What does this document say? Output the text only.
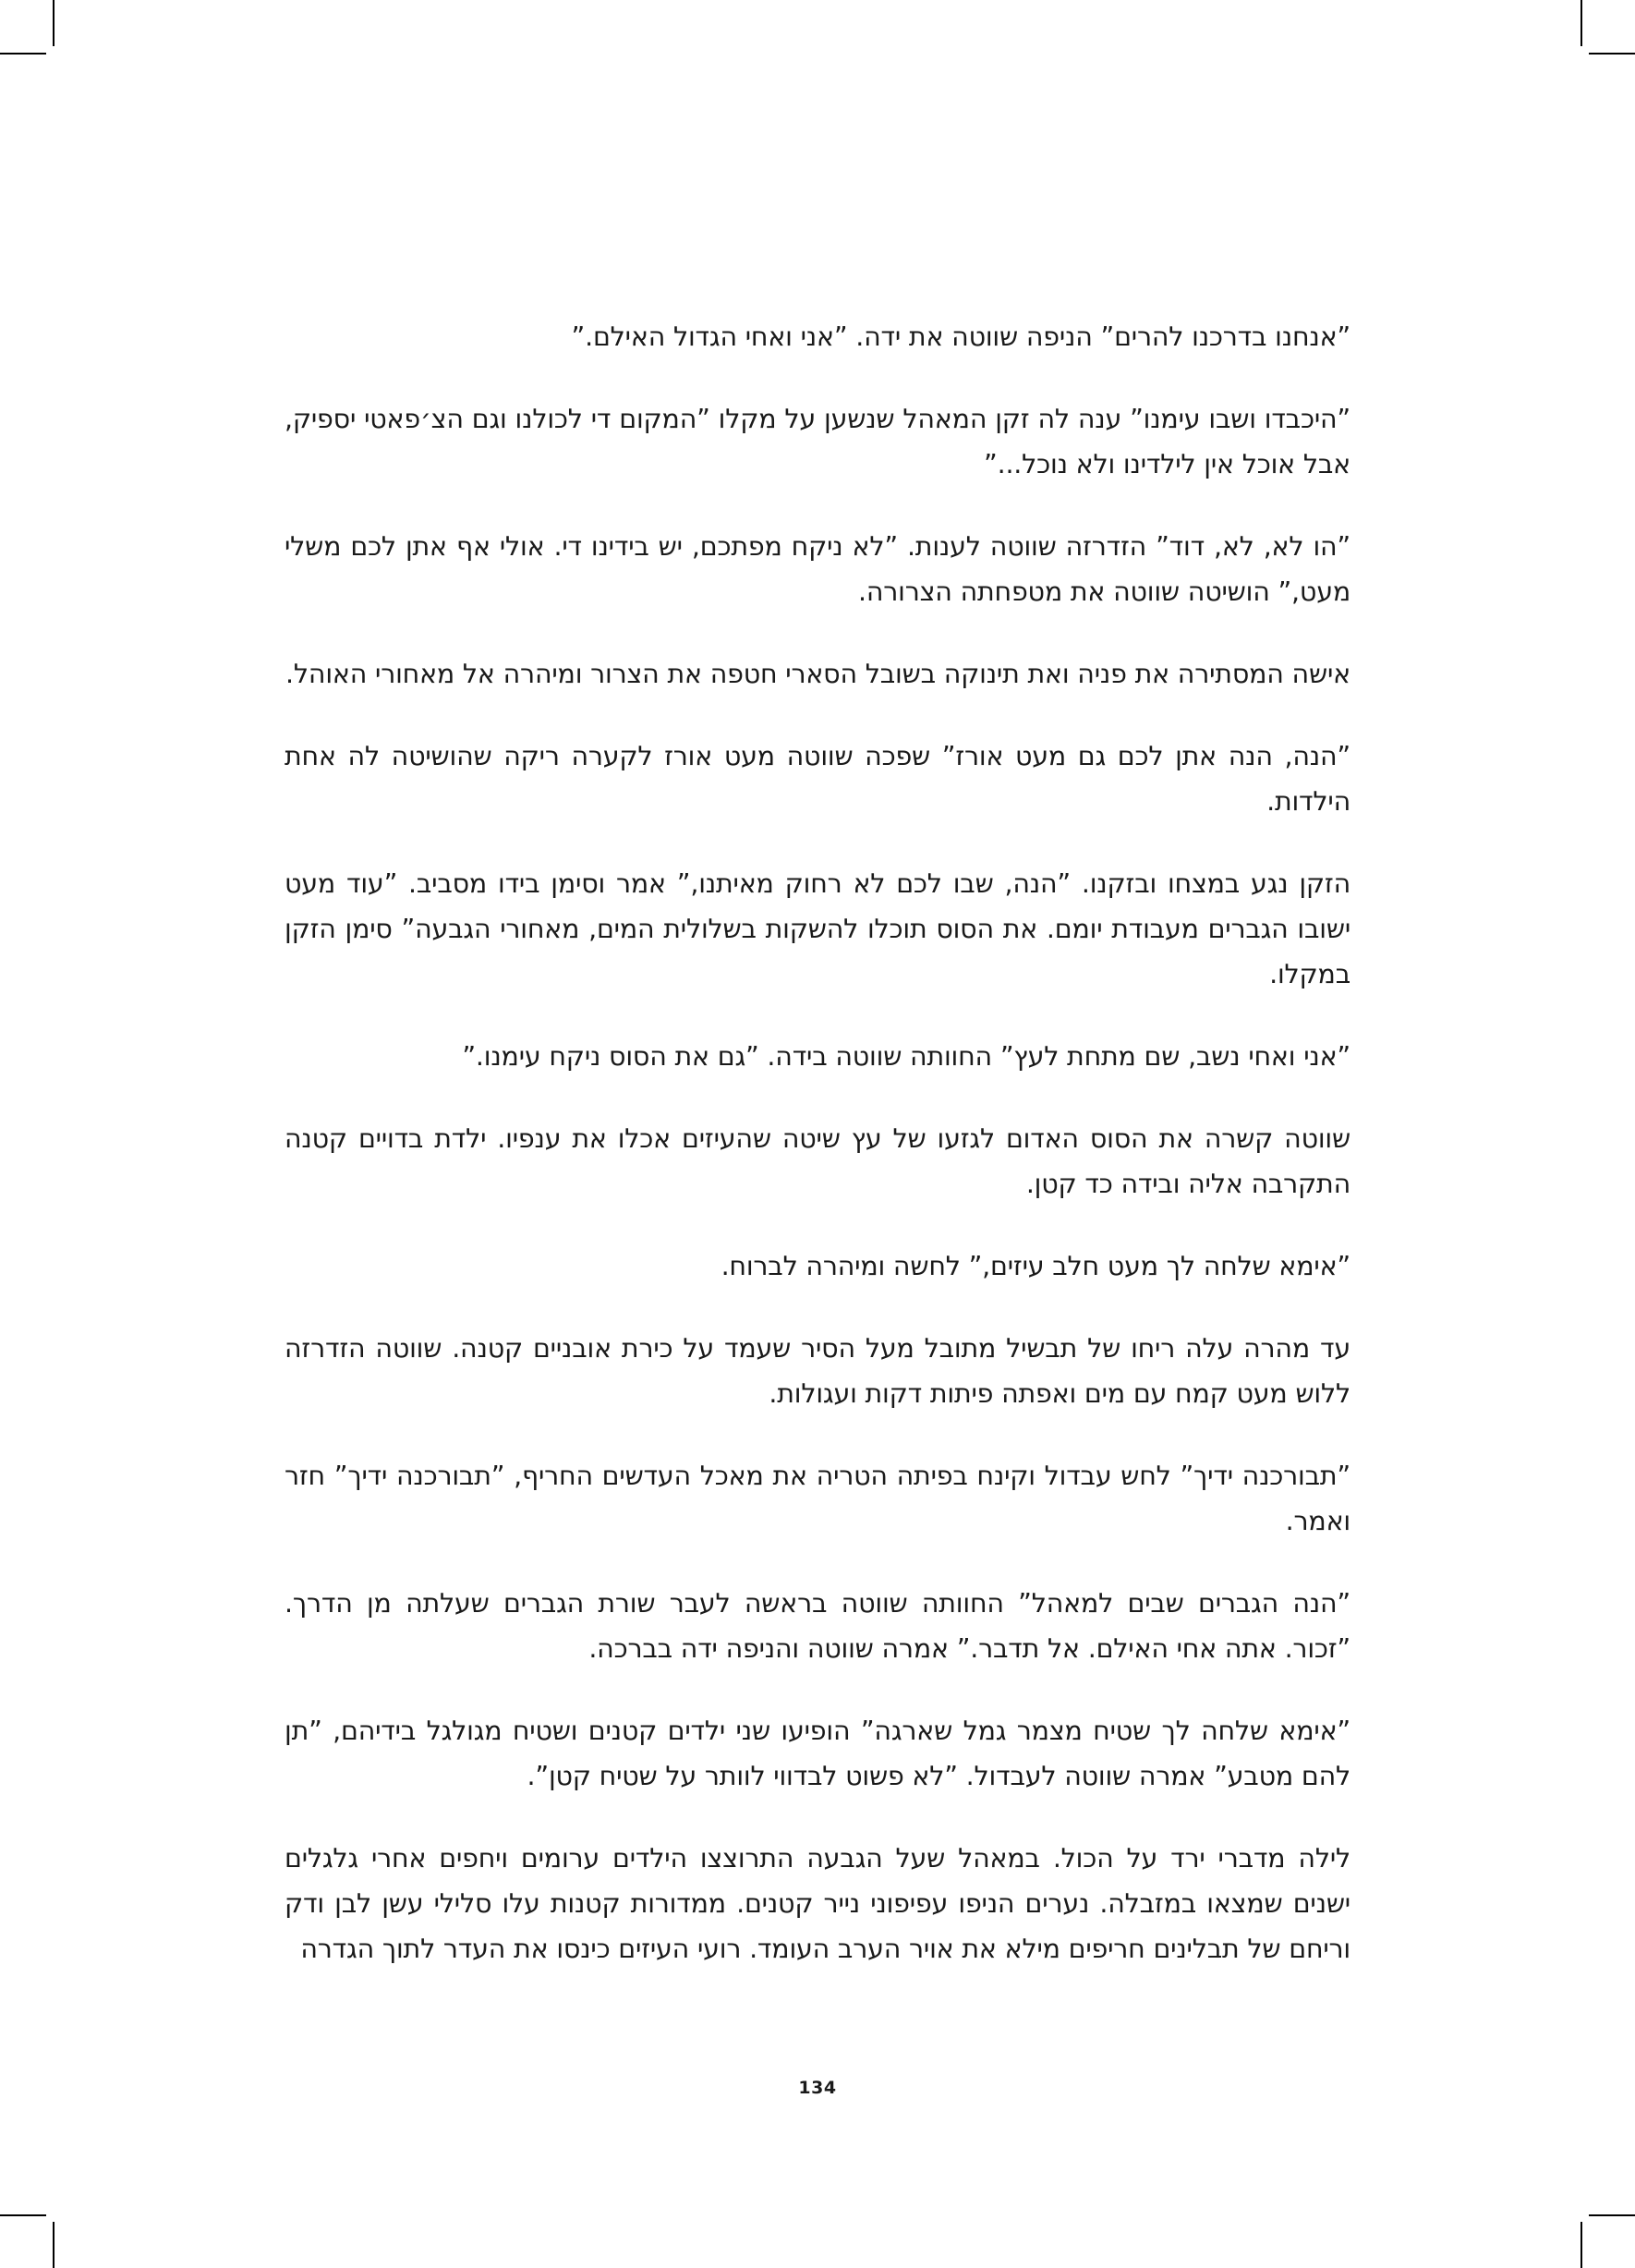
”אנחנו בדרכנו להרים” הניפה שווטה את ידה. ”אני ואחי הגדול האילם.”

”היכבדו ושבו עימנו” ענה לה זקן המאהל שנשען על מקלו ”המקום די לכולנו וגם הצ׳פאטי יספיק, אבל אוכל אין לילדינו ולא נוכל...”

”הו לא, לא, דוד” הזדרזה שווטה לענות. ”לא ניקח מפתכם, יש בידינו די. אולי אף אתן לכם משלי מעט,” הושיטה שווטה את מטפחתה הצרורה.

אישה המסתירה את פניה ואת תינוקה בשובל הסארי חטפה את הצרור ומיהרה אל מאחורי האוהל.

”הנה, הנה אתן לכם גם מעט אורז” שפכה שווטה מעט אורז לקערה ריקה שהושיטה לה אחת הילדות.

הזקן נגע במצחו ובזקנו. ”הנה, שבו לכם לא רחוק מאיתנו,” אמר וסימן בידו מסביב. ”עוד מעט ישובו הגברים מעבודת יומם. את הסוס תוכלו להשקות בשלולית המים, מאחורי הגבעה” סימן הזקן במקלו.

”אני ואחי נשב, שם מתחת לעץ” החוותה שווטה בידה. ”גם את הסוס ניקח עימנו.”

שווטה קשרה את הסוס האדום לגזעו של עץ שיטה שהעיזים אכלו את ענפיו. ילדת בדויים קטנה התקרבה אליה ובידה כד קטן.

”אימא שלחה לך מעט חלב עיזים,” לחשה ומיהרה לברוח.

עד מהרה עלה ריחו של תבשיל מתובל מעל הסיר שעמד על כירת אובניים קטנה. שווטה הזדרזה ללוש מעט קמח עם מים ואפתה פיתות דקות ועגולות.

”תבורכנה ידיך” לחש עבדול וקינח בפיתה הטריה את מאכל העדשים החריף, ”תבורכנה ידיך” חזר ואמר.

”הנה הגברים שבים למאהל” החוותה שווטה בראשה לעבר שורת הגברים שעלתה מן הדרך. ”זכור. אתה אחי האילם. אל תדבר.” אמרה שווטה והניפה ידה בברכה.

”אימא שלחה לך שטיח מצמר גמל שארגה” הופיעו שני ילדים קטנים ושטיח מגולגל בידיהם, ”תן להם מטבע” אמרה שווטה לעבדול. ”לא פשוט לבדווי לוותר על שטיח קטן”.

לילה מדברי ירד על הכול. במאהל שעל הגבעה התרוצצו הילדים ערומים ויחפים אחרי גלגלים ישנים שמצאו במזבלה. נערים הניפו עפיפוני נייר קטנים. ממדורות קטנות עלו סלילי עשן לבן ודק וריחם של תבלינים חריפים מילא את אויר הערב העומד. רועי העיזים כינסו את העדר לתוך הגדרה

134
